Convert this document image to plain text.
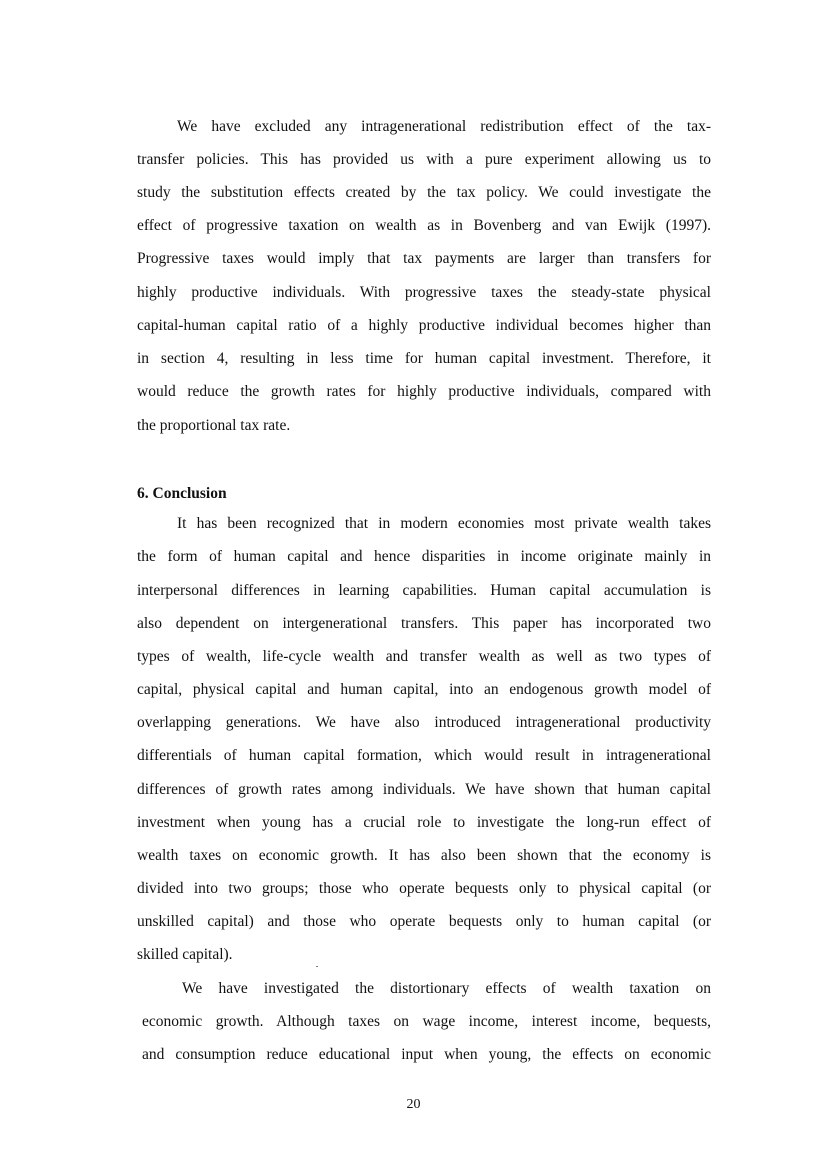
We have excluded any intragenerational redistribution effect of the tax-
transfer policies. This has provided us with a pure experiment allowing us to
study the substitution effects created by the tax policy. We could investigate the
effect of progressive taxation on wealth as in Bovenberg and van Ewijk (1997).
Progressive taxes would imply that tax payments are larger than transfers for
highly productive individuals. With progressive taxes the steady-state physical
capital-human capital ratio of a highly productive individual becomes higher than
in section 4, resulting in less time for human capital investment. Therefore, it
would reduce the growth rates for highly productive individuals, compared with
the proportional tax rate.
6. Conclusion
It has been recognized that in modern economies most private wealth takes
the form of human capital and hence disparities in income originate mainly in
interpersonal differences in learning capabilities. Human capital accumulation is
also dependent on intergenerational transfers. This paper has incorporated two
types of wealth, life-cycle wealth and transfer wealth as well as two types of
capital, physical capital and human capital, into an endogenous growth model of
overlapping generations. We have also introduced intragenerational productivity
differentials of human capital formation, which would result in intragenerational
differences of growth rates among individuals. We have shown that human capital
investment when young has a crucial role to investigate the long-run effect of
wealth taxes on economic growth. It has also been shown that the economy is
divided into two groups; those who operate bequests only to physical capital (or
unskilled capital) and those who operate bequests only to human capital (or
skilled capital).
We have investigated the distortionary effects of wealth taxation on
economic growth. Although taxes on wage income, interest income, bequests,
and consumption reduce educational input when young, the effects on economic
20
